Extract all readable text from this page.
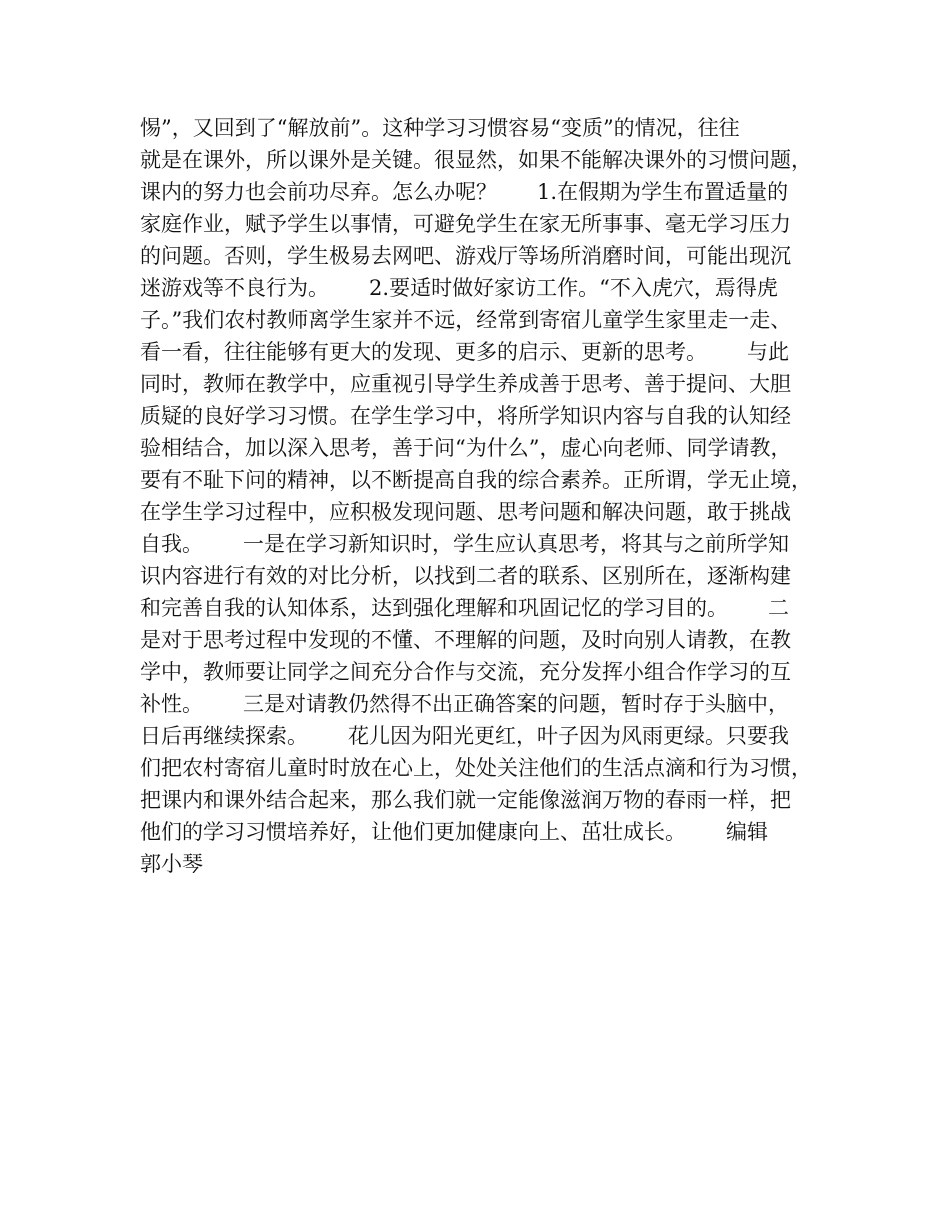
惕”，又回到了“解放前”。这种学习习惯容易“变质”的情况，往往
就是在课外，所以课外是关键。很显然，如果不能解决课外的习惯问题，
课内的努力也会前功尽弃。怎么办呢？      1.在假期为学生布置适量的
家庭作业，赋予学生以事情，可避免学生在家无所事事、毫无学习压力
的问题。否则，学生极易去网吧、游戏厅等场所消磨时间，可能出现沉
迷游戏等不良行为。      2.要适时做好家访工作。“不入虎穴，焉得虎
子。”我们农村教师离学生家并不远，经常到寄宿儿童学生家里走一走、
看一看，往往能够有更大的发现、更多的启示、更新的思考。      与此
同时，教师在教学中，应重视引导学生养成善于思考、善于提问、大胆
质疑的良好学习习惯。在学生学习中，将所学知识内容与自我的认知经
验相结合，加以深入思考，善于问“为什么”，虚心向老师、同学请教，
要有不耻下问的精神，以不断提高自我的综合素养。正所谓，学无止境，
在学生学习过程中，应积极发现问题、思考问题和解决问题，敢于挑战
自我。      一是在学习新知识时，学生应认真思考，将其与之前所学知
识内容进行有效的对比分析，以找到二者的联系、区别所在，逐渐构建
和完善自我的认知体系，达到强化理解和巩固记忆的学习目的。      二
是对于思考过程中发现的不懂、不理解的问题，及时向别人请教，在教
学中，教师要让同学之间充分合作与交流，充分发挥小组合作学习的互
补性。      三是对请教仍然得不出正确答案的问题，暂时存于头脑中，
日后再继续探索。      花儿因为阳光更红，叶子因为风雨更绿。只要我
们把农村寄宿儿童时时放在心上，处处关注他们的生活点滴和行为习惯，
把课内和课外结合起来，那么我们就一定能像滋润万物的春雨一样，把
他们的学习习惯培养好，让他们更加健康向上、茁壮成长。      编辑
郭小琴
